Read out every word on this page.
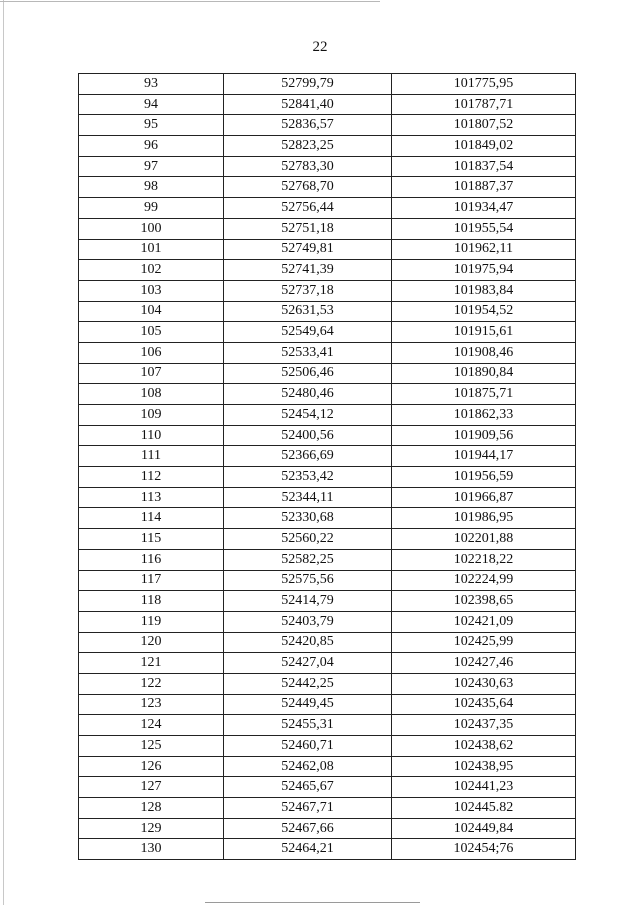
22
93	52799,79	101775,95
94	52841,40	101787,71
95	52836,57	101807,52
96	52823,25	101849,02
97	52783,30	101837,54
98	52768,70	101887,37
99	52756,44	101934,47
100	52751,18	101955,54
101	52749,81	101962,11
102	52741,39	101975,94
103	52737,18	101983,84
104	52631,53	101954,52
105	52549,64	101915,61
106	52533,41	101908,46
107	52506,46	101890,84
108	52480,46	101875,71
109	52454,12	101862,33
110	52400,56	101909,56
111	52366,69	101944,17
112	52353,42	101956,59
113	52344,11	101966,87
114	52330,68	101986,95
115	52560,22	102201,88
116	52582,25	102218,22
117	52575,56	102224,99
118	52414,79	102398,65
119	52403,79	102421,09
120	52420,85	102425,99
121	52427,04	102427,46
122	52442,25	102430,63
123	52449,45	102435,64
124	52455,31	102437,35
125	52460,71	102438,62
126	52462,08	102438,95
127	52465,67	102441,23
128	52467,71	102445.82
129	52467,66	102449,84
130	52464,21	102454;76
